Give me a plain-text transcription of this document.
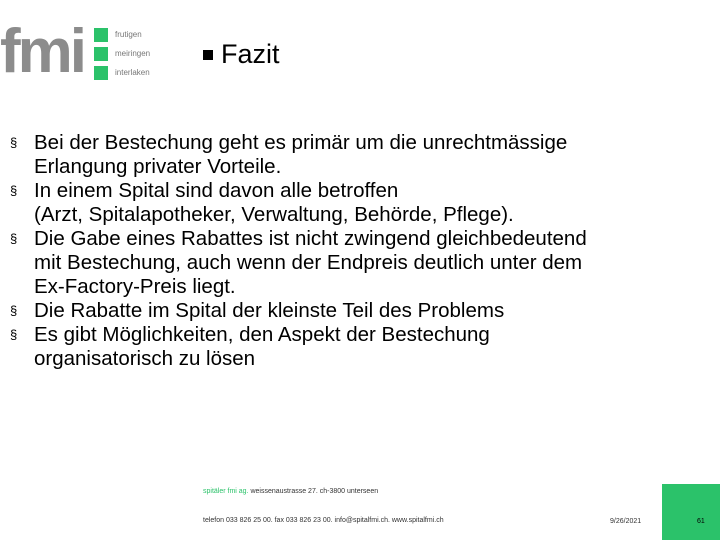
fmi	frutigen
meiringen
interlaken
Fazit
§ Bei der Bestechung geht es primär um die unrechtmässige
Erlangung privater Vorteile.
§ In einem Spital sind davon alle betroffen
(Arzt, Spitalapotheker, Verwaltung, Behörde, Pflege).
§ Die Gabe eines Rabattes ist nicht zwingend gleichbedeutend
mit Bestechung, auch wenn der Endpreis deutlich unter dem
Ex-Factory-Preis liegt.
§ Die Rabatte im Spital der kleinste Teil des Problems
§ Es gibt Möglichkeiten, den Aspekt der Bestechung
organisatorisch zu lösen
spitäler fmi ag. weissenaustrasse 27. ch-3800 unterseen
telefon 033 826 25 00. fax 033 826 23 00. info@spitalfmi.ch. www.spitalfmi.ch	9/26/2021	61
